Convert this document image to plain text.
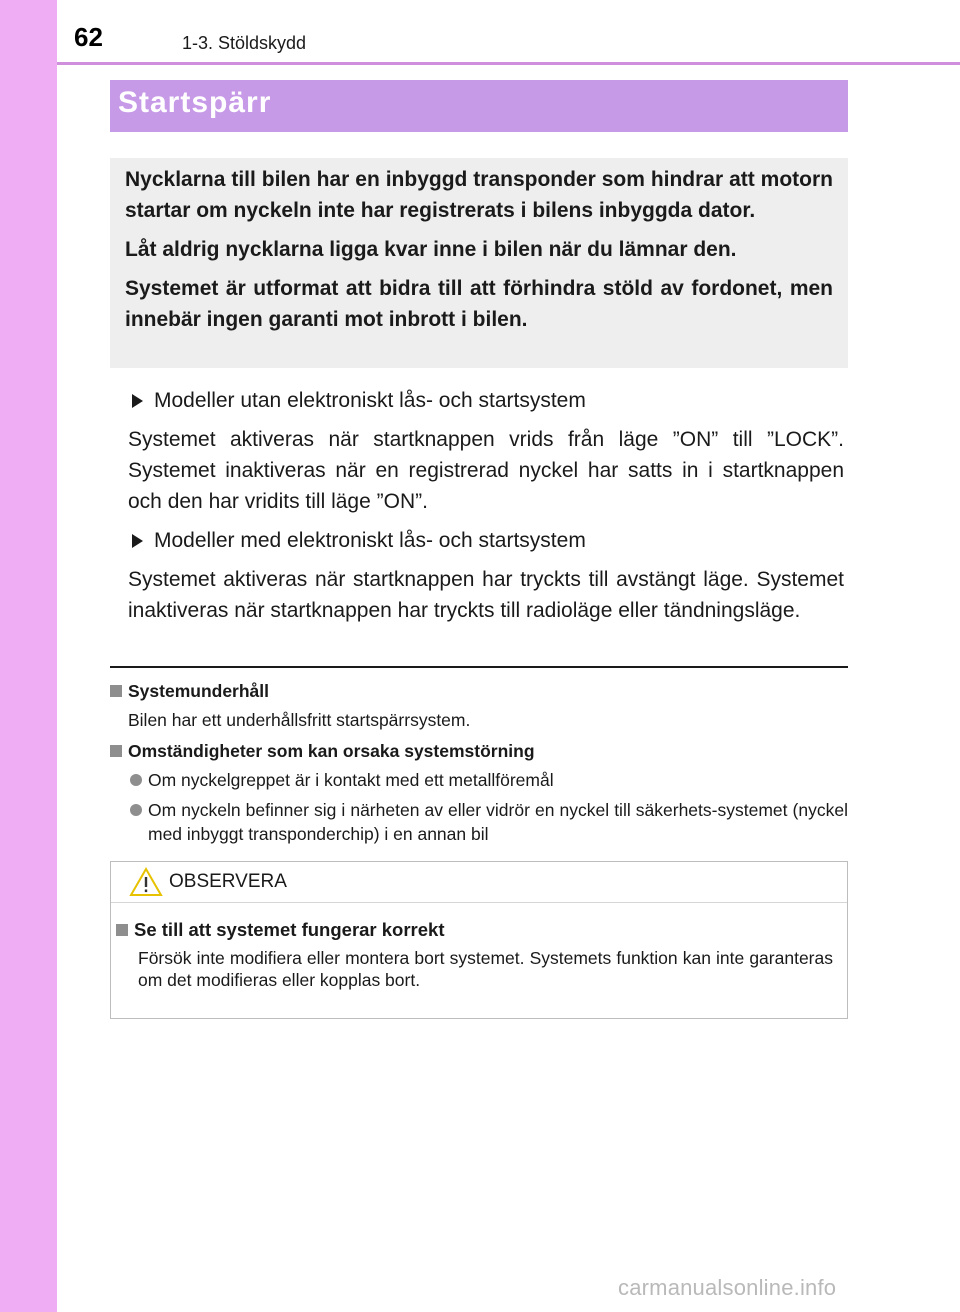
62	1-3. Stöldskydd
Startspärr

Nycklarna till bilen har en inbyggd transponder som hindrar att motorn startar om nyckeln inte har registrerats i bilens inbyggda dator.

Låt aldrig nycklarna ligga kvar inne i bilen när du lämnar den.

Systemet är utformat att bidra till att förhindra stöld av fordonet, men innebär ingen garanti mot inbrott i bilen.

Modeller utan elektroniskt lås- och startsystem

Systemet aktiveras när startknappen vrids från läge ”ON” till ”LOCK”. Systemet inaktiveras när en registrerad nyckel har satts in i startknappen och den har vridits till läge ”ON”.

Modeller med elektroniskt lås- och startsystem

Systemet aktiveras när startknappen har tryckts till avstängt läge. Systemet inaktiveras när startknappen har tryckts till radioläge eller tändningsläge.

Systemunderhåll
Bilen har ett underhållsfritt startspärrsystem.
Omständigheter som kan orsaka systemstörning
Om nyckelgreppet är i kontakt med ett metallföremål
Om nyckeln befinner sig i närheten av eller vidrör en nyckel till säkerhets-systemet (nyckel med inbyggt transponderchip) i en annan bil
OBSERVERA
Se till att systemet fungerar korrekt
Försök inte modifiera eller montera bort systemet. Systemets funktion kan inte garanteras om det modifieras eller kopplas bort.
carmanualsonline.info
